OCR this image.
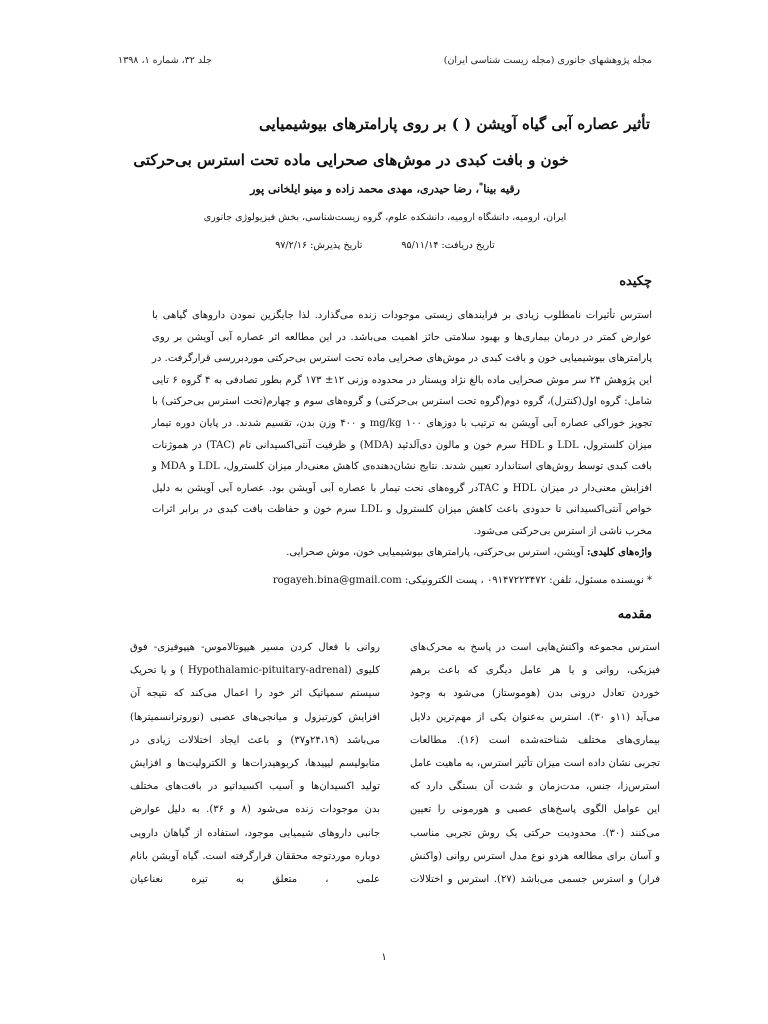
مجله پژوهشهای جانوری (مجله زیست شناسی ایران)
جلد ۳۲، شماره ۱، ۱۳۹۸
تأثیر عصاره آبی گیاه آویشن ( ) بر روی پارامترهای بیوشیمیایی
خون و بافت کبدی در موش‌های صحرایی ماده تحت استرس بی‌حرکتی
رقیه بینا*، رضا حیدری، مهدی محمد زاده و مینو ایلخانی پور
ایران، ارومیه، دانشگاه ارومیه، دانشکده علوم، گروه زیست‌شناسی، بخش فیزیولوژی جانوری
تاریخ دریافت: ۹۵/۱۱/۱۴ تاریخ پذیرش: ۹۷/۲/۱۶
چکیده
استرس تأثیرات نامطلوب زیادی بر فرایندهای زیستی موجودات زنده می‌گذارد. لذا جایگزین نمودن داروهای گیاهی با عوارض کمتر در درمان بیماری‌ها و بهبود سلامتی حائز اهمیت می‌باشد. در این مطالعه اثر عصاره آبی آویشن بر روی پارامترهای بیوشیمیایی خون و بافت کبدی در موش‌های صحرایی ماده تحت استرس بی‌حرکتی موردبررسی قرارگرفت. در این پژوهش ۲۴ سر موش صحرایی ماده بالغ نژاد ویستار در محدوده وزنی ۱۲± ۱۷۳ گرم بطور تصادفی به ۴ گروه ۶ تایی شامل: گروه اول(کنترل)، گروه دوم(گروه تحت استرس بی‌حرکتی) و گروه‌های سوم و چهارم(تحت استرس بی‌حرکتی) با تجویز خوراکی عصاره آبی آویشن به ترتیب با دوزهای mg/kg ۱۰۰ و ۴۰۰ وزن بدن، تقسیم شدند. در پایان دوره تیمار میزان کلسترول، LDL و HDL سرم خون و مالون دی‌آلدئید (MDA) و ظرفیت آنتی‌اکسیدانی تام (TAC) در هموژنات بافت کبدی توسط روش‌های استاندارد تعیین شدند. نتایج نشان‌دهنده‌ی کاهش معنی‌دار میزان کلسترول، LDL و MDA و افزایش معنی‌دار در میزان HDL و TACدر گروه‌های تحت تیمار با عصاره آبی آویشن بود. عصاره آبی آویشن به دلیل خواص آنتی‌اکسیدانی تا حدودی باعث کاهش میزان کلسترول و LDL سرم خون و حفاظت بافت کبدی در برابر اثرات مخرب ناشی از استرس بی‌حرکتی می‌شود.
واژه‌های کلیدی: آویشن، استرس بی‌حرکتی، پارامترهای بیوشیمیایی خون، موش صحرایی.
* نویسنده مسئول، تلفن: ۰۹۱۴۷۲۲۳۴۷۲ ، پست الکترونیکی: rogayeh.bina@gmail.com
مقدمه
استرس مجموعه واکنش‌هایی است در پاسخ به محرک‌های
فیزیکی، روانی و یا هر عامل دیگری که باعث برهم
خوردن تعادل درونی بدن (هوموستاز) می‌شود به وجود
می‌آید (۱۱و ۳۰). استرس به‌عنوان یکی از مهم‌ترین دلایل
بیماری‌های مختلف شناخته‌شده است (۱۶). مطالعات
تجربی نشان داده است میزان تأثیر استرس، به ماهیت عامل
استرس‌زا، جنس، مدت‌زمان و شدت آن بستگی دارد که
این عوامل الگوی پاسخ‌های عصبی و هورمونی را تعیین
می‌کنند (۳۰). محدودیت حرکتی یک روش تجربی مناسب
و آسان برای مطالعه هردو نوع مدل استرس روانی (واکنش
فرار) و استرس جسمی می‌باشد (۲۷). استرس و اختلالات
روانی با فعال کردن مسیر هیپوتالاموس- هیپوفیزی- فوق
کلیوی (Hypothalamic-pituitary-adrenal ) و یا تحریک
سیستم سمپاتیک اثر خود را اعمال می‌کند که نتیجه آن
افزایش کورتیزول و میانجی‌های عصبی (نوروترانسمیترها)
می‌باشد (۲۴،۱۹و۳۷) و باعث ایجاد اختلالات زیادی در
متابولیسم لیپیدها، کربوهیدرات‌ها و الکترولیت‌ها و افزایش
تولید اکسیدان‌ها و آسیب اکسیداتیو در بافت‌های مختلف
بدن موجودات زنده می‌شود (۸ و ۳۶). به دلیل عوارض
جانبی داروهای شیمیایی موجود، استفاده از گیاهان دارویی
دوباره موردتوجه محققان قرارگرفته است. گیاه آویشن بانام
علمی ، متعلق به تیره نعناعیان
۱
